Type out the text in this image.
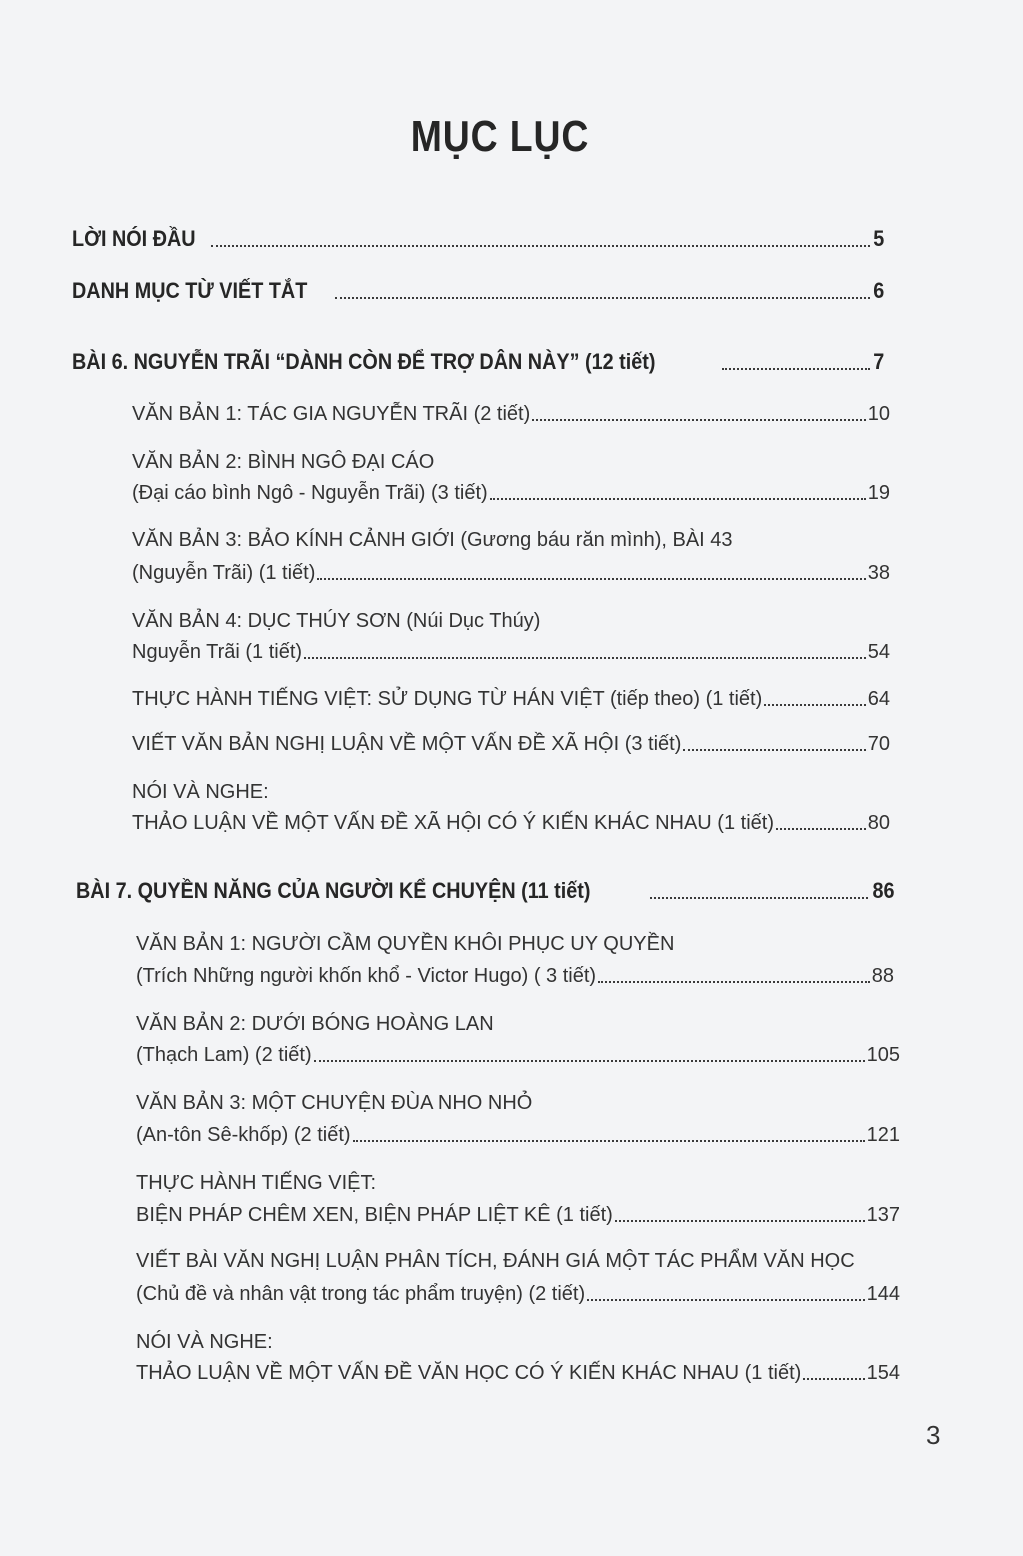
MỤC LỤC
LỜI NÓI ĐẦU	5
DANH MỤC TỪ VIẾT TẮT	6
BÀI 6. NGUYỄN TRÃI “DÀNH CÒN ĐỂ TRỢ DÂN NÀY” (12 tiết)	7
VĂN BẢN 1: TÁC GIA NGUYỄN TRÃI (2 tiết)	10
VĂN BẢN 2: BÌNH NGÔ ĐẠI CÁO
(Đại cáo bình Ngô - Nguyễn Trãi) (3 tiết)	19
VĂN BẢN 3: BẢO KÍNH CẢNH GIỚI (Gương báu răn mình), BÀI 43
(Nguyễn Trãi) (1 tiết)	38
VĂN BẢN 4: DỤC THÚY SƠN (Núi Dục Thúy)
Nguyễn Trãi (1 tiết)	54
THỰC HÀNH TIẾNG VIỆT: SỬ DỤNG TỪ HÁN VIỆT (tiếp theo) (1 tiết)	64
VIẾT VĂN BẢN NGHỊ LUẬN VỀ MỘT VẤN ĐỀ XÃ HỘI (3 tiết)	70
NÓI VÀ NGHE:
THẢO LUẬN VỀ MỘT VẤN ĐỀ XÃ HỘI CÓ Ý KIẾN KHÁC NHAU (1 tiết)	80
BÀI 7. QUYỀN NĂNG CỦA NGƯỜI KỂ CHUYỆN (11 tiết)	86
VĂN BẢN 1: NGƯỜI CẦM QUYỀN KHÔI PHỤC UY QUYỀN
(Trích Những người khốn khổ - Victor Hugo) ( 3 tiết)	88
VĂN BẢN 2: DƯỚI BÓNG HOÀNG LAN
(Thạch Lam) (2 tiết)	105
VĂN BẢN 3: MỘT CHUYỆN ĐÙA NHO NHỎ
(An-tôn Sê-khốp) (2 tiết)	121
THỰC HÀNH TIẾNG VIỆT:
BIỆN PHÁP CHÊM XEN, BIỆN PHÁP LIỆT KÊ (1 tiết)	137
VIẾT BÀI VĂN NGHỊ LUẬN PHÂN TÍCH, ĐÁNH GIÁ MỘT TÁC PHẨM VĂN HỌC
(Chủ đề và nhân vật trong tác phẩm truyện) (2 tiết)	144
NÓI VÀ NGHE:
THẢO LUẬN VỀ MỘT VẤN ĐỀ VĂN HỌC CÓ Ý KIẾN KHÁC NHAU (1 tiết)	154
3
